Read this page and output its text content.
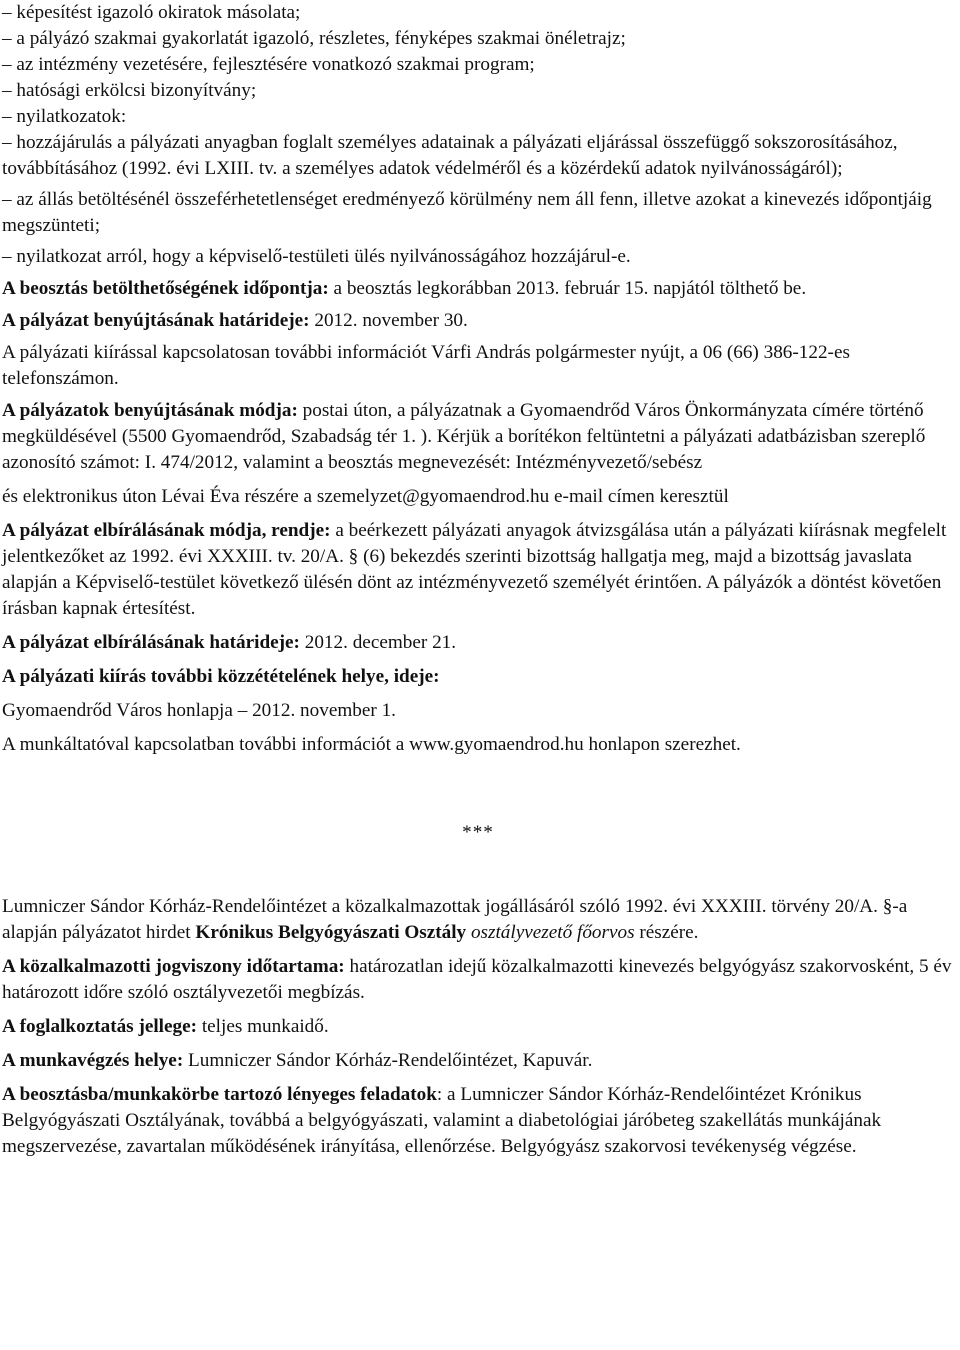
– képesítést igazoló okiratok másolata;

– a pályázó szakmai gyakorlatát igazoló, részletes, fényképes szakmai önéletrajz;

– az intézmény vezetésére, fejlesztésére vonatkozó szakmai program;

– hatósági erkölcsi bizonyítvány;

– nyilatkozatok:

– hozzájárulás a pályázati anyagban foglalt személyes adatainak a pályázati eljárással összefüggő sokszorosításához, továbbításához (1992. évi LXIII. tv. a személyes adatok védelméről és a közérdekű adatok nyilvánosságáról);

– az állás betöltésénél összeférhetetlenséget eredményező körülmény nem áll fenn, illetve azokat a kinevezés időpontjáig megszünteti;

– nyilatkozat arról, hogy a képviselő-testületi ülés nyilvánosságához hozzájárul-e.

A beosztás betölthetőségének időpontja: a beosztás legkorábban 2013. február 15. napjától tölthető be.

A pályázat benyújtásának határideje: 2012. november 30.

A pályázati kiírással kapcsolatosan további információt Várfi András polgármester nyújt, a 06 (66) 386-122-es telefonszámon.

A pályázatok benyújtásának módja: postai úton, a pályázatnak a Gyomaendrőd Város Önkormányzata címére történő megküldésével (5500 Gyomaendrőd, Szabadság tér 1. ). Kérjük a borítékon feltüntetni a pályázati adatbázisban szereplő azonosító számot: I. 474/2012, valamint a beosztás megnevezését: Intézményvezető/sebész

és elektronikus úton Lévai Éva részére a szemelyzet@gyomaendrod.hu e-mail címen keresztül

A pályázat elbírálásának módja, rendje: a beérkezett pályázati anyagok átvizsgálása után a pályázati kiírásnak megfelelt jelentkezőket az 1992. évi XXXIII. tv. 20/A. § (6) bekezdés szerinti bizottság hallgatja meg, majd a bizottság javaslata alapján a Képviselő-testület következő ülésén dönt az intézményvezető személyét érintően. A pályázók a döntést követően írásban kapnak értesítést.

A pályázat elbírálásának határideje: 2012. december 21.

A pályázati kiírás további közzétételének helye, ideje:

Gyomaendrőd Város honlapja – 2012. november 1.

A munkáltatóval kapcsolatban további információt a www.gyomaendrod.hu honlapon szerezhet.

***

Lumniczer Sándor Kórház-Rendelőintézet a közalkalmazottak jogállásáról szóló 1992. évi XXXIII. törvény 20/A. §-a alapján pályázatot hirdet Krónikus Belgyógyászati Osztály osztályvezető főorvos részére.

A közalkalmazotti jogviszony időtartama: határozatlan idejű közalkalmazotti kinevezés belgyógyász szakorvosként, 5 év határozott időre szóló osztályvezetői megbízás.

A foglalkoztatás jellege: teljes munkaidő.

A munkavégzés helye: Lumniczer Sándor Kórház-Rendelőintézet, Kapuvár.

A beosztásba/munkakörbe tartozó lényeges feladatok: a Lumniczer Sándor Kórház-Rendelőintézet Krónikus Belgyógyászati Osztályának, továbbá a belgyógyászati, valamint a diabetológiai járóbeteg szakellátás munkájának megszervezése, zavartalan működésének irányítása, ellenőrzése. Belgyógyász szakorvosi tevékenység végzése.
